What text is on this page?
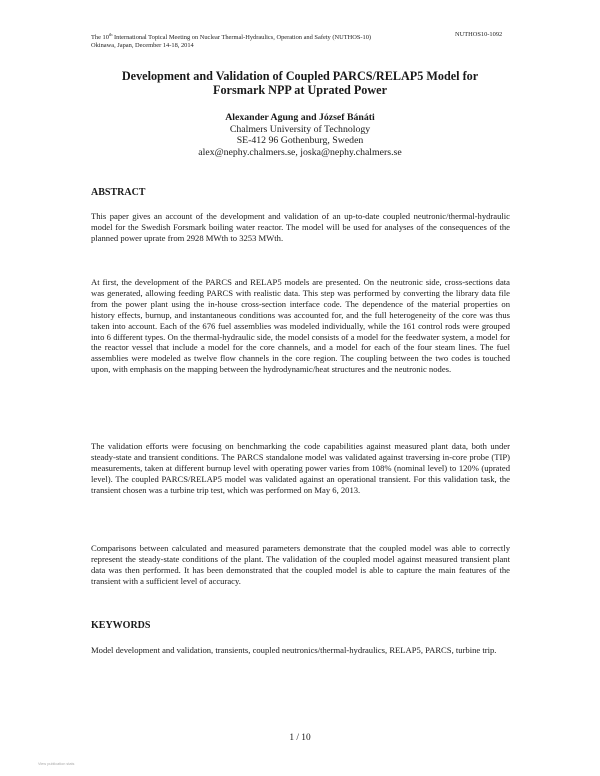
The 10th International Topical Meeting on Nuclear Thermal-Hydraulics, Operation and Safety (NUTHOS-10)
Okinawa, Japan, December 14-18, 2014
NUTHOS10-1092
Development and Validation of Coupled PARCS/RELAP5 Model for
Forsmark NPP at Uprated Power
Alexander Agung and József Bánáti
Chalmers University of Technology
SE-412 96 Gothenburg, Sweden
alex@nephy.chalmers.se, joska@nephy.chalmers.se
ABSTRACT
This paper gives an account of the development and validation of an up-to-date coupled neutronic/thermal-hydraulic model for the Swedish Forsmark boiling water reactor. The model will be used for analyses of the consequences of the planned power uprate from 2928 MWth to 3253 MWth.
At first, the development of the PARCS and RELAP5 models are presented. On the neutronic side, cross-sections data was generated, allowing feeding PARCS with realistic data. This step was performed by converting the library data file from the power plant using the in-house cross-section interface code. The dependence of the material properties on history effects, burnup, and instantaneous conditions was accounted for, and the full heterogeneity of the core was thus taken into account. Each of the 676 fuel assemblies was modeled individually, while the 161 control rods were grouped into 6 different types. On the thermal-hydraulic side, the model consists of a model for the feedwater system, a model for the reactor vessel that include a model for the core channels, and a model for each of the four steam lines. The fuel assemblies were modeled as twelve flow channels in the core region. The coupling between the two codes is touched upon, with emphasis on the mapping between the hydrodynamic/heat structures and the neutronic nodes.
The validation efforts were focusing on benchmarking the code capabilities against measured plant data, both under steady-state and transient conditions. The PARCS standalone model was validated against traversing in-core probe (TIP) measurements, taken at different burnup level with operating power varies from 108% (nominal level) to 120% (uprated level). The coupled PARCS/RELAP5 model was validated against an operational transient. For this validation task, the transient chosen was a turbine trip test, which was performed on May 6, 2013.
Comparisons between calculated and measured parameters demonstrate that the coupled model was able to correctly represent the steady-state conditions of the plant. The validation of the coupled model against measured transient plant data was then performed. It has been demonstrated that the coupled model is able to capture the main features of the transient with a sufficient level of accuracy.
KEYWORDS
Model development and validation, transients, coupled neutronics/thermal-hydraulics, RELAP5, PARCS, turbine trip.
1 / 10
View publication stats
